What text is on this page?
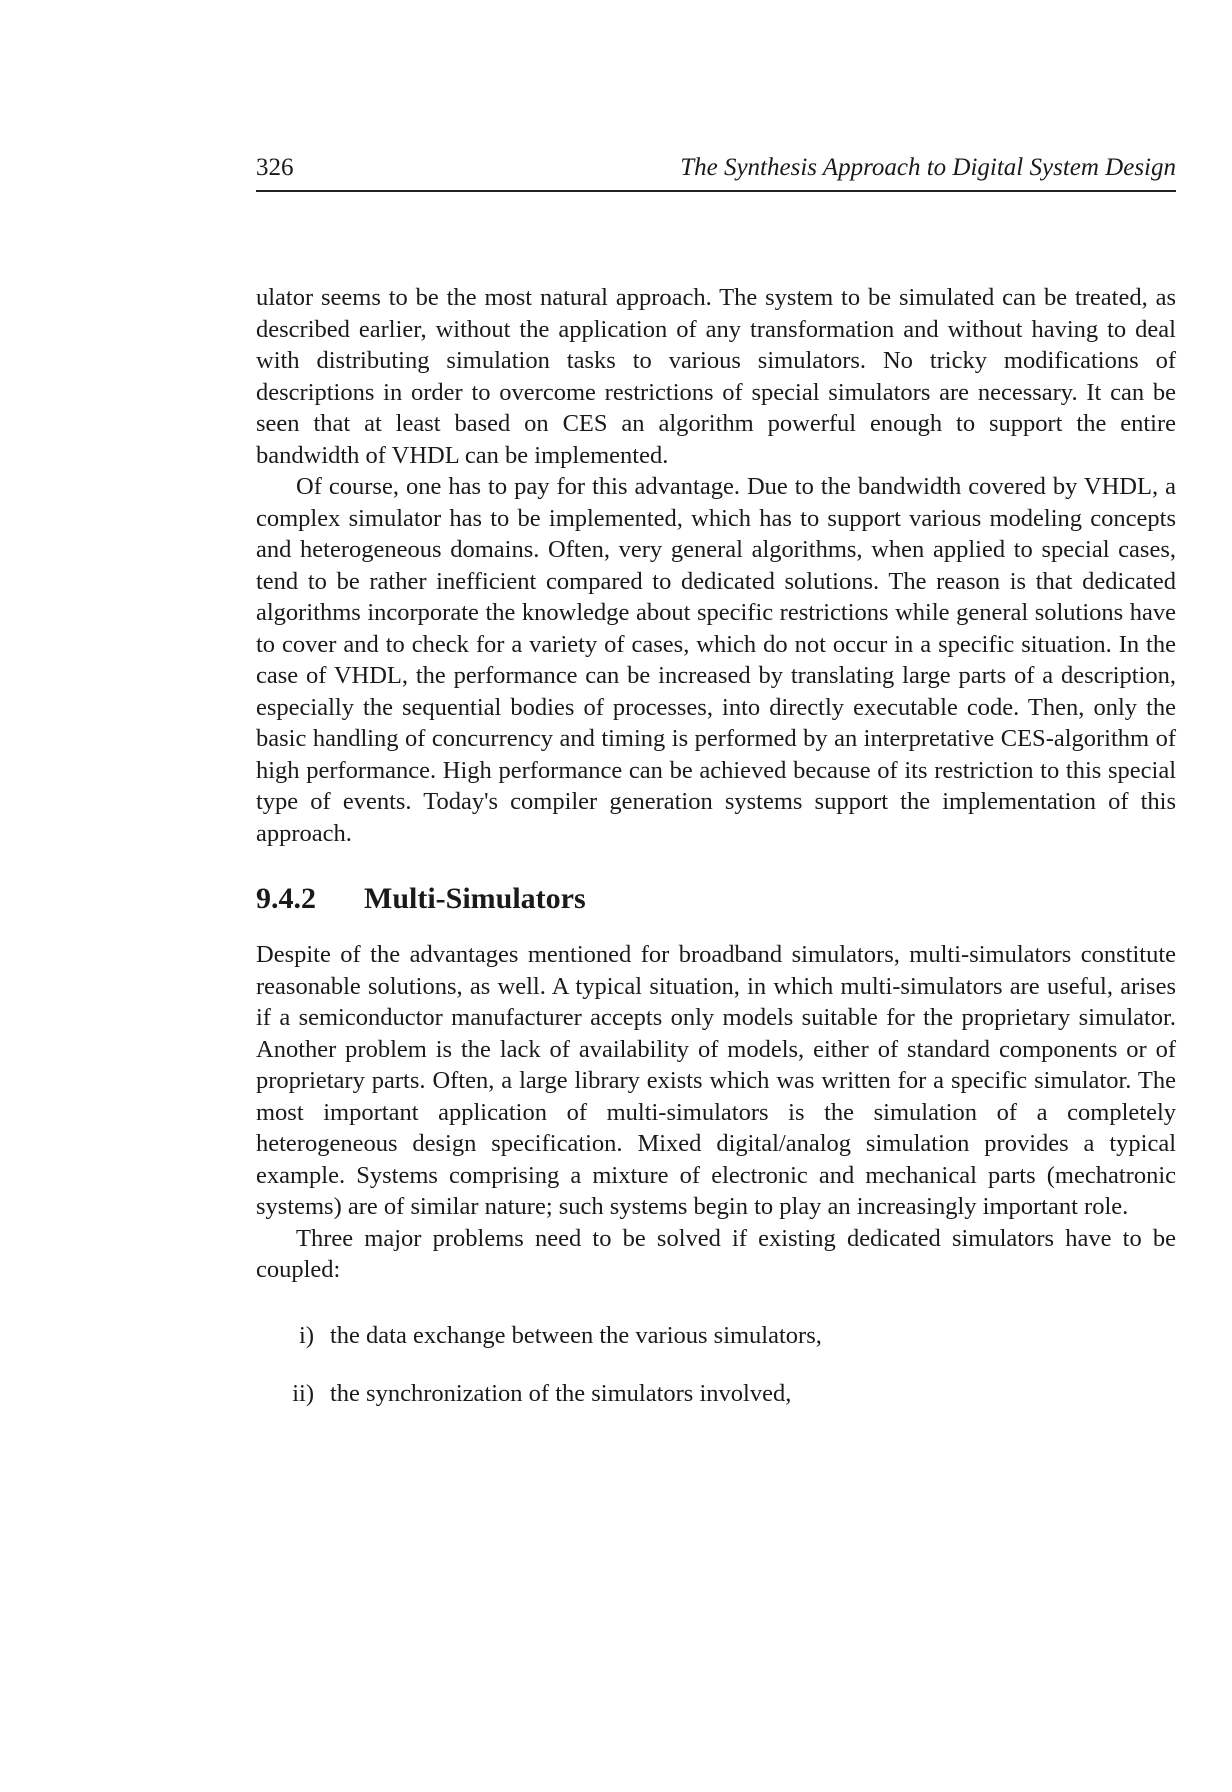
326	The Synthesis Approach to Digital System Design

ulator seems to be the most natural approach. The system to be simulated can be treated, as described earlier, without the application of any transformation and without having to deal with distributing simulation tasks to various simulators. No tricky modifications of descriptions in order to overcome restrictions of special simulators are necessary. It can be seen that at least based on CES an algorithm powerful enough to support the entire bandwidth of VHDL can be implemented.

Of course, one has to pay for this advantage. Due to the bandwidth covered by VHDL, a complex simulator has to be implemented, which has to support various modeling concepts and heterogeneous domains. Often, very general algorithms, when applied to special cases, tend to be rather inefficient compared to dedicated solutions. The reason is that dedicated algorithms incorporate the knowledge about specific restrictions while general solutions have to cover and to check for a variety of cases, which do not occur in a specific situation. In the case of VHDL, the performance can be increased by translating large parts of a description, especially the sequential bodies of processes, into directly executable code. Then, only the basic handling of concurrency and timing is performed by an interpretative CES-algorithm of high performance. High performance can be achieved because of its restriction to this special type of events. Today's compiler generation systems support the implementation of this approach.

9.4.2 Multi-Simulators

Despite of the advantages mentioned for broadband simulators, multi-simulators constitute reasonable solutions, as well. A typical situation, in which multi-simulators are useful, arises if a semiconductor manufacturer accepts only models suitable for the proprietary simulator. Another problem is the lack of availability of models, either of standard components or of proprietary parts. Often, a large library exists which was written for a specific simulator. The most important application of multi-simulators is the simulation of a completely heterogeneous design specification. Mixed digital/analog simulation provides a typical example. Systems comprising a mixture of electronic and mechanical parts (mechatronic systems) are of similar nature; such systems begin to play an increasingly important role.

Three major problems need to be solved if existing dedicated simulators have to be coupled:

i) the data exchange between the various simulators,
ii) the synchronization of the simulators involved,
